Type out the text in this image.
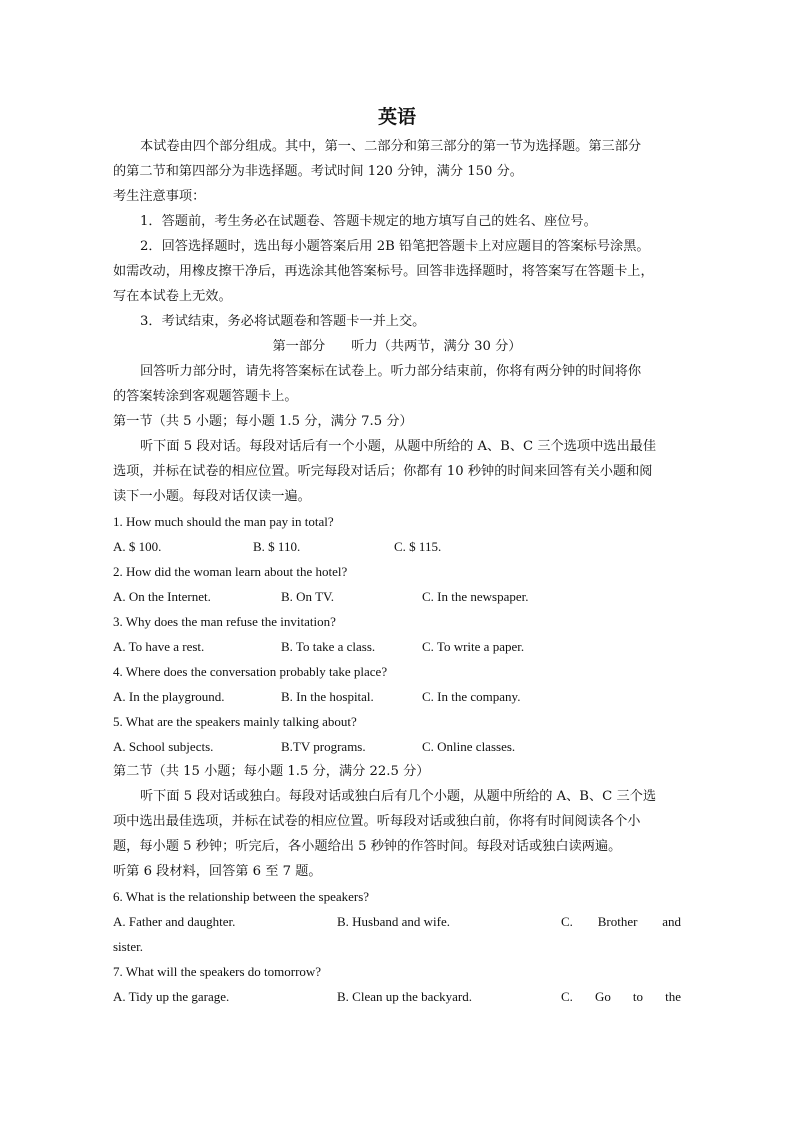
英语
本试卷由四个部分组成。其中，第一、二部分和第三部分的第一节为选择题。第三部分
的第二节和第四部分为非选择题。考试时间 120 分钟，满分 150 分。
考生注意事项：
1．答题前，考生务必在试题卷、答题卡规定的地方填写自己的姓名、座位号。
2．回答选择题时，选出每小题答案后用 2B 铅笔把答题卡上对应题目的答案标号涂黑。
如需改动，用橡皮擦干净后，再选涂其他答案标号。回答非选择题时，将答案写在答题卡上，
写在本试卷上无效。
3．考试结束，务必将试题卷和答题卡一并上交。
第一部分 听力（共两节，满分 30 分）
回答听力部分时，请先将答案标在试卷上。听力部分结束前，你将有两分钟的时间将你
的答案转涂到客观题答题卡上。
第一节（共 5 小题；每小题 1.5 分，满分 7.5 分）
听下面 5 段对话。每段对话后有一个小题，从题中所给的 A、B、C 三个选项中选出最佳
选项，并标在试卷的相应位置。听完每段对话后；你都有 10 秒钟的时间来回答有关小题和阅
读下一小题。每段对话仅读一遍。
1. How much should the man pay in total?
A. $ 100.	B. $ 110.	C. $ 115.
2. How did the woman learn about the hotel?
A. On the Internet.	B. On TV.	C. In the newspaper.
3. Why does the man refuse the invitation?
A. To have a rest.	B. To take a class.	C. To write a paper.
4. Where does the conversation probably take place?
A. In the playground.	B. In the hospital.	C. In the company.
5. What are the speakers mainly talking about?
A. School subjects.	B.TV programs.	C. Online classes.
第二节（共 15 小题；每小题 1.5 分，满分 22.5 分）
听下面 5 段对话或独白。每段对话或独白后有几个小题，从题中所给的 A、B、C 三个选
项中选出最佳选项，并标在试卷的相应位置。听每段对话或独白前，你将有时间阅读各个小
题，每小题 5 秒钟；听完后，各小题给出 5 秒钟的作答时间。每段对话或独白读两遍。
听第 6 段材料，回答第 6 至 7 题。
6. What is the relationship between the speakers?
A. Father and daughter.	B. Husband and wife.	C. Brother and
sister.
7. What will the speakers do tomorrow?
A. Tidy up the garage.	B. Clean up the backyard.	C. Go to the
